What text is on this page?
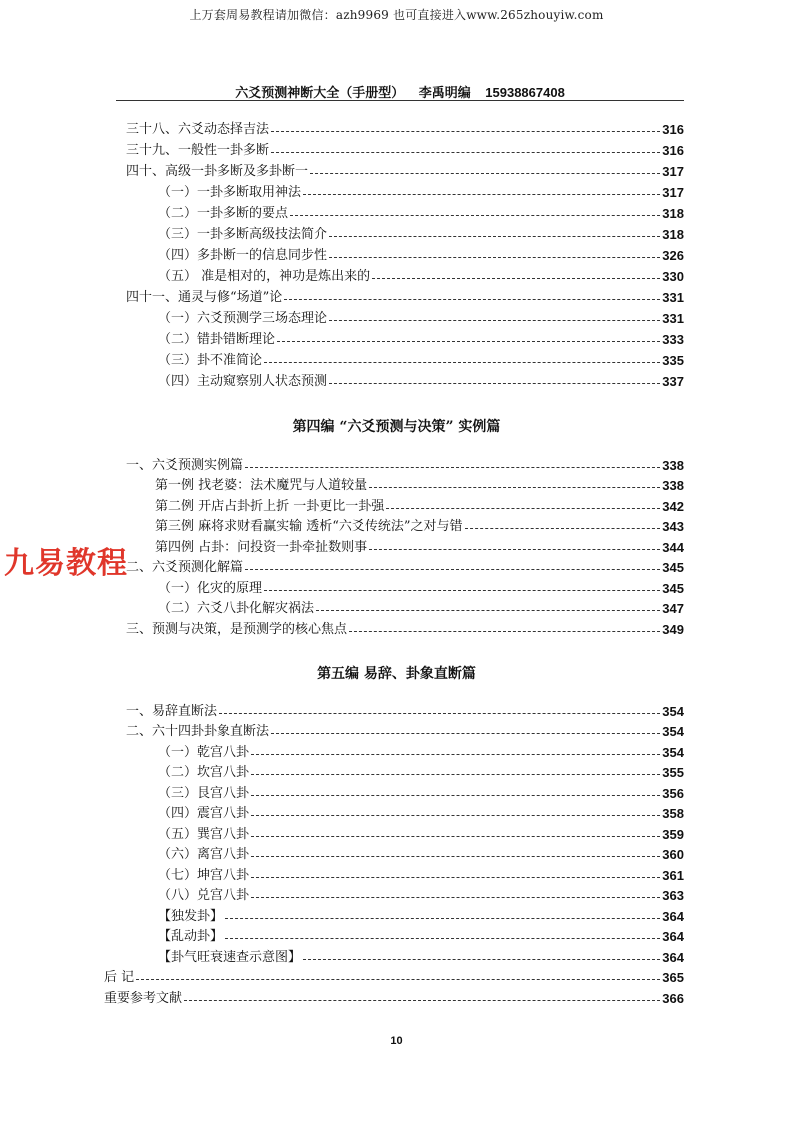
上万套周易教程请加微信：azh9969 也可直接进入www.265zhouyiw.com
六爻预测神断大全（手册型） 李禹明编 15938867408
三十八、六爻动态择吉法	316
三十九、一般性一卦多断	316
四十、高级一卦多断及多卦断一	317
（一）一卦多断取用神法	317
（二）一卦多断的要点	318
（三）一卦多断高级技法简介	318
（四）多卦断一的信息同步性	326
（五） 准是相对的，神功是炼出来的	330
四十一、通灵与修“场道”论	331
（一）六爻预测学三场态理论	331
（二）错卦错断理论	333
（三）卦不准简论	335
（四）主动窥察别人状态预测	337
第四编 “六爻预测与决策” 实例篇
一、六爻预测实例篇	338
第一例 找老婆：法术魔咒与人道较量	338
第二例 开店占卦折上折 一卦更比一卦强	342
第三例 麻将求财看赢实输 透析“六爻传统法”之对与错	343
第四例 占卦：问投资一卦牵扯数则事	344
二、六爻预测化解篇	345
（一）化灾的原理	345
（二）六爻八卦化解灾祸法	347
三、预测与决策，是预测学的核心焦点	349
第五编 易辞、卦象直断篇
一、易辞直断法	354
二、六十四卦卦象直断法	354
（一）乾宫八卦	354
（二）坎宫八卦	355
（三）艮宫八卦	356
（四）震宫八卦	358
（五）巽宫八卦	359
（六）离宫八卦	360
（七）坤宫八卦	361
（八）兑宫八卦	363
【独发卦】	364
【乱动卦】	364
【卦气旺衰速查示意图】	364
后 记	365
重要参考文献	366
九易教程
10
